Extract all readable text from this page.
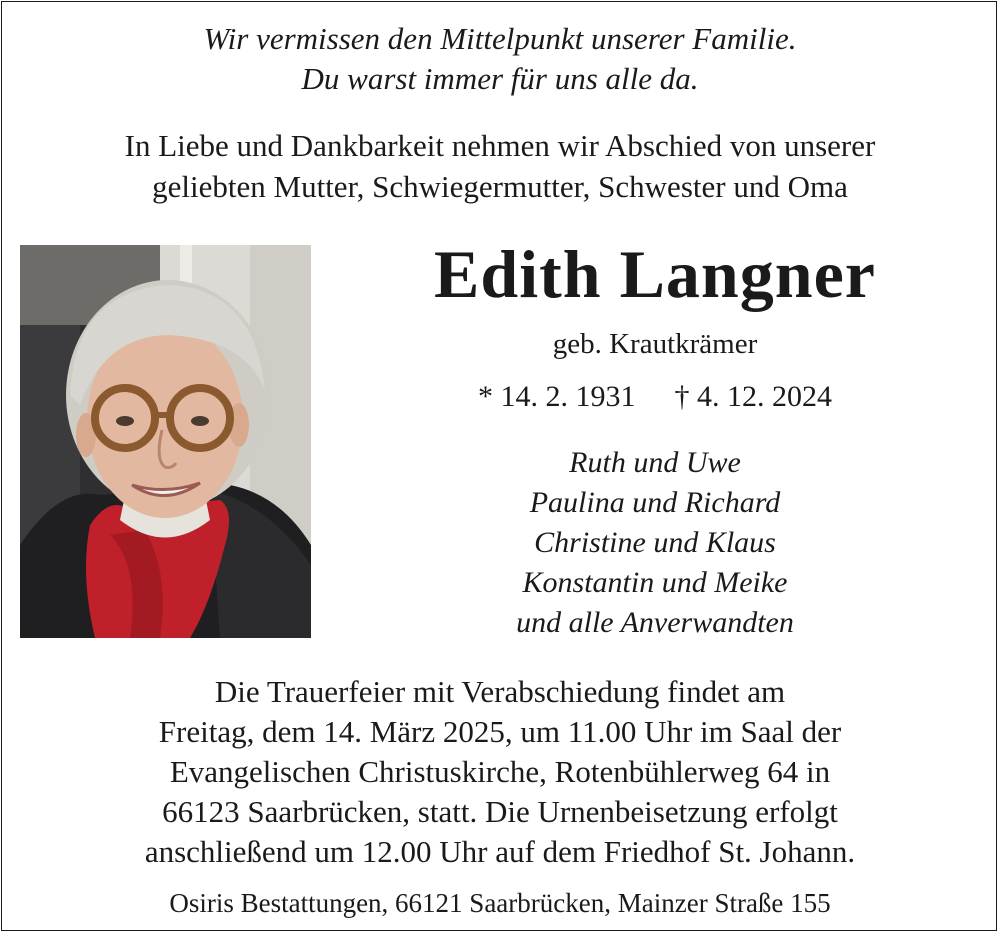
Wir vermissen den Mittelpunkt unserer Familie.
Du warst immer für uns alle da.
In Liebe und Dankbarkeit nehmen wir Abschied von unserer
geliebten Mutter, Schwiegermutter, Schwester und Oma
Edith Langner
geb. Krautkrämer
* 14. 2. 1931 † 4. 12. 2024
Ruth und Uwe
Paulina und Richard
Christine und Klaus
Konstantin und Meike
und alle Anverwandten
Die Trauerfeier mit Verabschiedung findet am
Freitag, dem 14. März 2025, um 11.00 Uhr im Saal der
Evangelischen Christuskirche, Rotenbühlerweg 64 in
66123 Saarbrücken, statt. Die Urnenbeisetzung erfolgt
anschließend um 12.00 Uhr auf dem Friedhof St. Johann.
Osiris Bestattungen, 66121 Saarbrücken, Mainzer Straße 155
